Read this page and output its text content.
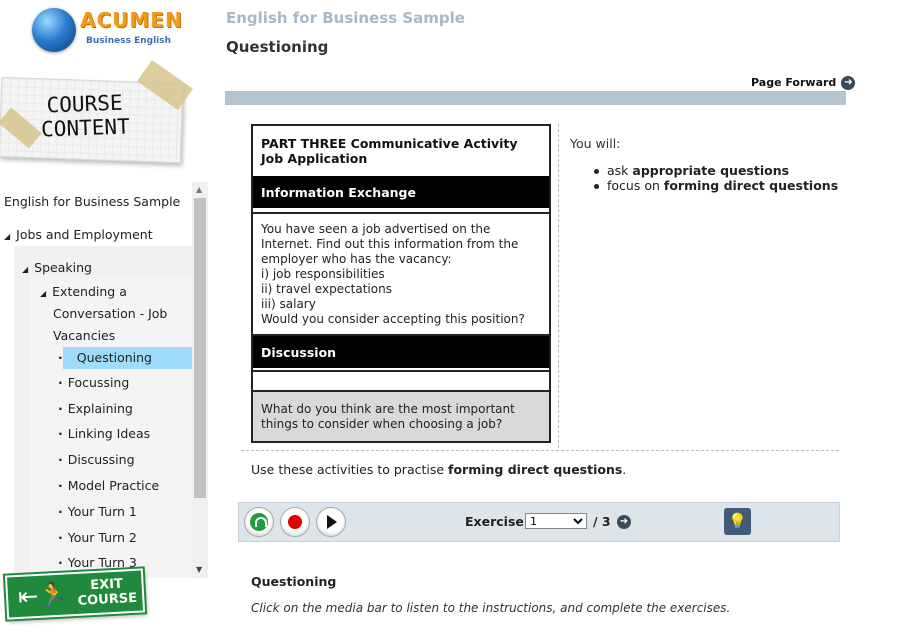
ACUMEN
Business English
COURSE
CONTENT
English for Business Sample
◢ Jobs and Employment
◢ Speaking
◢ Extending a
Conversation - Job
Vacancies
· Questioning
· Focussing
· Explaining
· Linking Ideas
· Discussing
· Model Practice
· Your Turn 1
· Your Turn 2
· Your Turn 3
▲
▼
⇤🏃	EXIT
COURSE
English for Business Sample
Questioning
Page Forward ➜
PART THREE Communicative Activity
Job Application
Information Exchange
You have seen a job advertised on the
Internet. Find out this information from the
employer who has the vacancy:
i) job responsibilities
ii) travel expectations
iii) salary
Would you consider accepting this position?
Discussion
What do you think are the most important
things to consider when choosing a job?
You will:
ask appropriate questions
focus on forming direct questions
Use these activities to practise forming direct questions.
Exercise
1	/ 3 ➜	💡
Questioning
Click on the media bar to listen to the instructions, and complete the exercises.
